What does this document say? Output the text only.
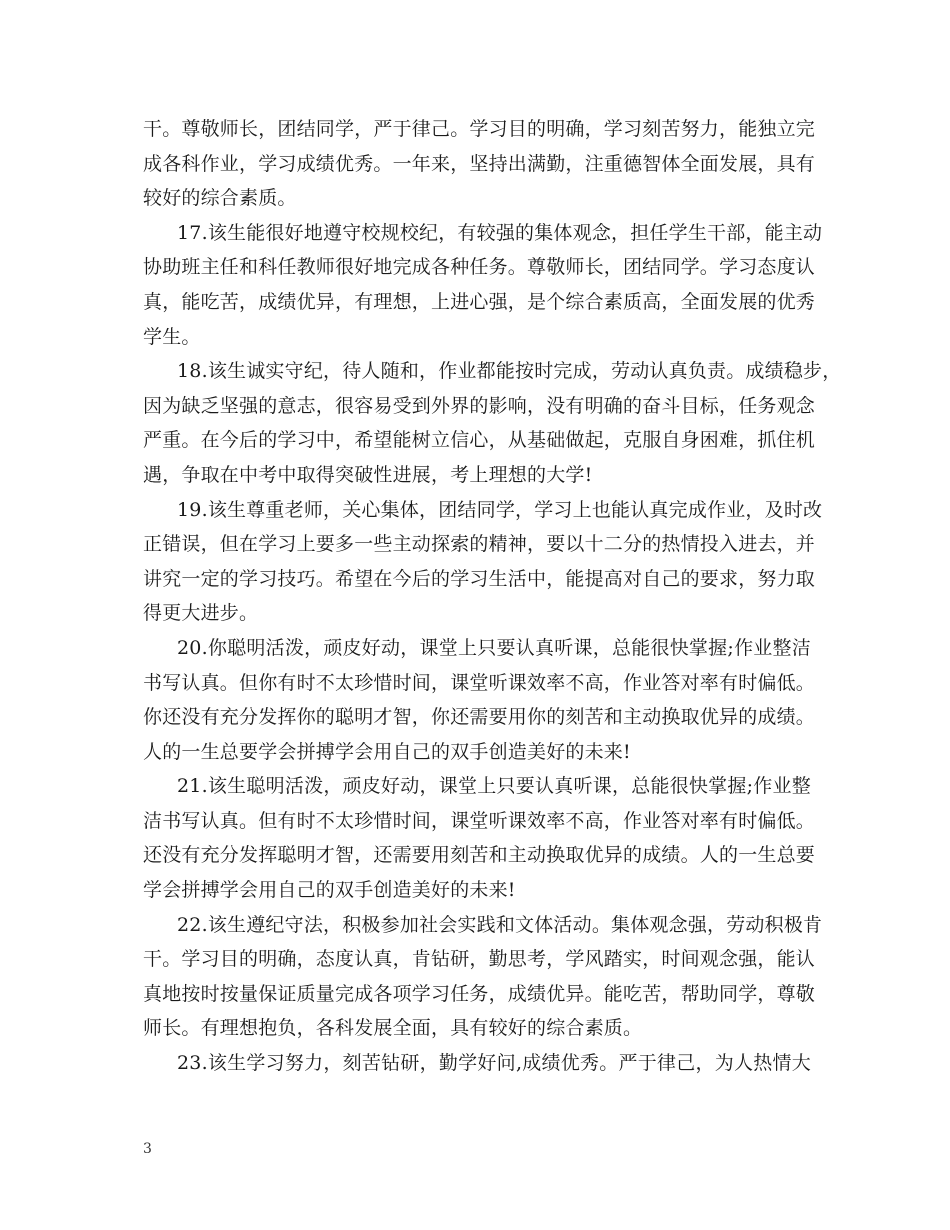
干。尊敬师长，团结同学，严于律己。学习目的明确，学习刻苦努力，能独立完
成各科作业，学习成绩优秀。一年来，坚持出满勤，注重德智体全面发展，具有
较好的综合素质。

17.该生能很好地遵守校规校纪，有较强的集体观念，担任学生干部，能主动
协助班主任和科任教师很好地完成各种任务。尊敬师长，团结同学。学习态度认
真，能吃苦，成绩优异，有理想，上进心强，是个综合素质高，全面发展的优秀
学生。

18.该生诚实守纪，待人随和，作业都能按时完成，劳动认真负责。成绩稳步，
因为缺乏坚强的意志，很容易受到外界的影响，没有明确的奋斗目标，任务观念
严重。在今后的学习中，希望能树立信心，从基础做起，克服自身困难，抓住机
遇，争取在中考中取得突破性进展，考上理想的大学!

19.该生尊重老师，关心集体，团结同学，学习上也能认真完成作业，及时改
正错误，但在学习上要多一些主动探索的精神，要以十二分的热情投入进去，并
讲究一定的学习技巧。希望在今后的学习生活中，能提高对自己的要求，努力取
得更大进步。

20.你聪明活泼，顽皮好动，课堂上只要认真听课，总能很快掌握;作业整洁
书写认真。但你有时不太珍惜时间，课堂听课效率不高，作业答对率有时偏低。
你还没有充分发挥你的聪明才智，你还需要用你的刻苦和主动换取优异的成绩。
人的一生总要学会拼搏学会用自己的双手创造美好的未来!

21.该生聪明活泼，顽皮好动，课堂上只要认真听课，总能很快掌握;作业整
洁书写认真。但有时不太珍惜时间，课堂听课效率不高，作业答对率有时偏低。
还没有充分发挥聪明才智，还需要用刻苦和主动换取优异的成绩。人的一生总要
学会拼搏学会用自己的双手创造美好的未来!

22.该生遵纪守法，积极参加社会实践和文体活动。集体观念强，劳动积极肯
干。学习目的明确，态度认真，肯钻研，勤思考，学风踏实，时间观念强，能认
真地按时按量保证质量完成各项学习任务，成绩优异。能吃苦，帮助同学，尊敬
师长。有理想抱负，各科发展全面，具有较好的综合素质。

23.该生学习努力，刻苦钻研，勤学好问,成绩优秀。严于律己，为人热情大

3
